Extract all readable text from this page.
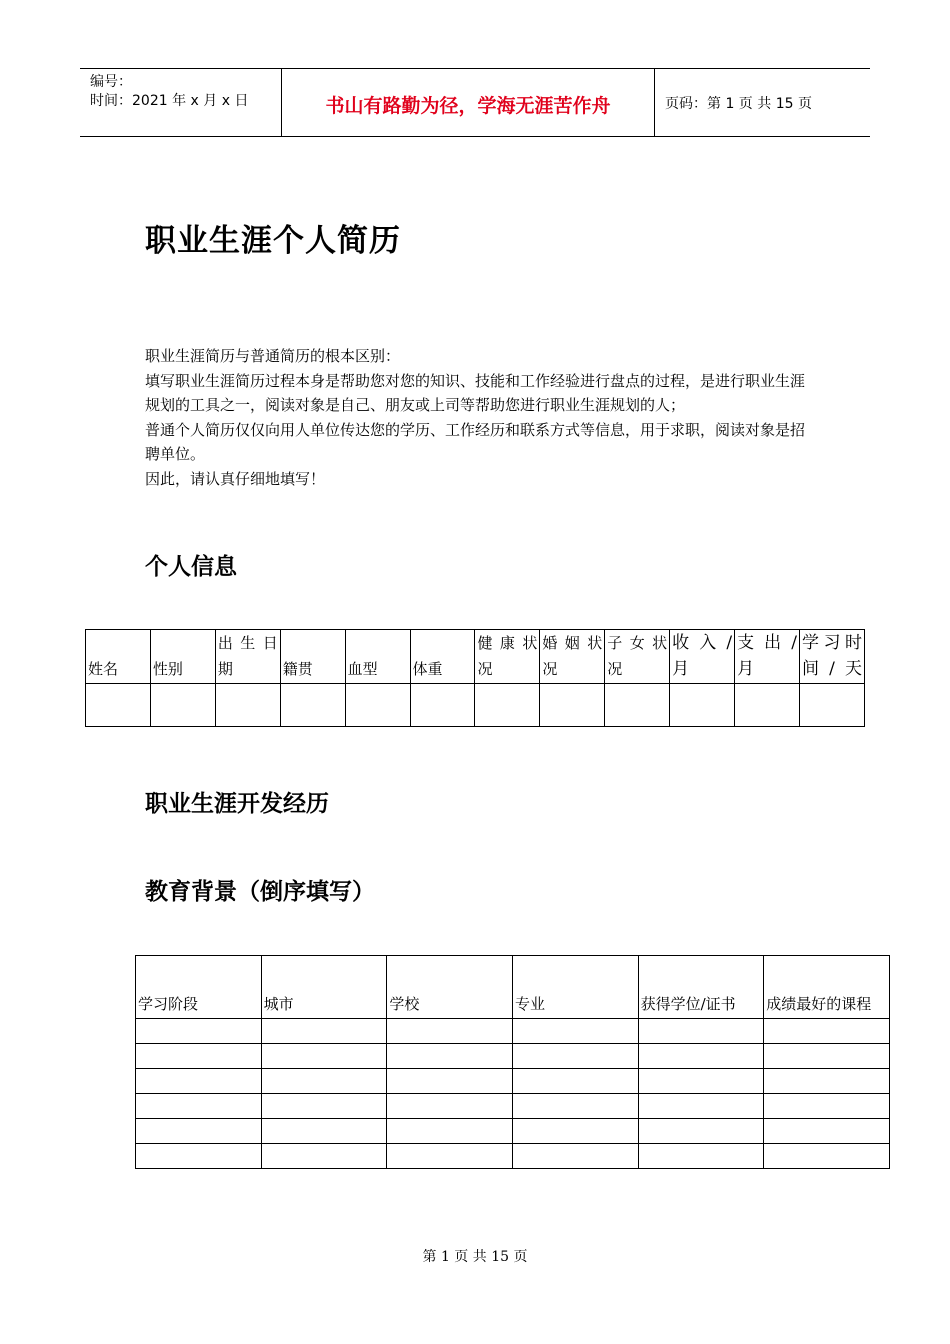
编号：
时间：2021 年 x 月 x 日	书山有路勤为径，学海无涯苦作舟	页码：第 1 页 共 15 页
职业生涯个人简历

职业生涯简历与普通简历的根本区别：

填写职业生涯简历过程本身是帮助您对您的知识、技能和工作经验进行盘点的过程，是进行职业生涯规划的工具之一，阅读对象是自己、朋友或上司等帮助您进行职业生涯规划的人；

普通个人简历仅仅向用人单位传达您的学历、工作经历和联系方式等信息，用于求职，阅读对象是招聘单位。

因此，请认真仔细地填写！

个人信息
姓名	性别	出 生 日期	籍贯	血型	体重	健 康 状况	婚 姻 状况	子 女 状况	收 入 /月	支 出 /月	学习时间/天

职业生涯开发经历
教育背景（倒序填写）
学习阶段	城市	学校	专业	获得学位/证书	成绩最好的课程

第 1 页 共 15 页
